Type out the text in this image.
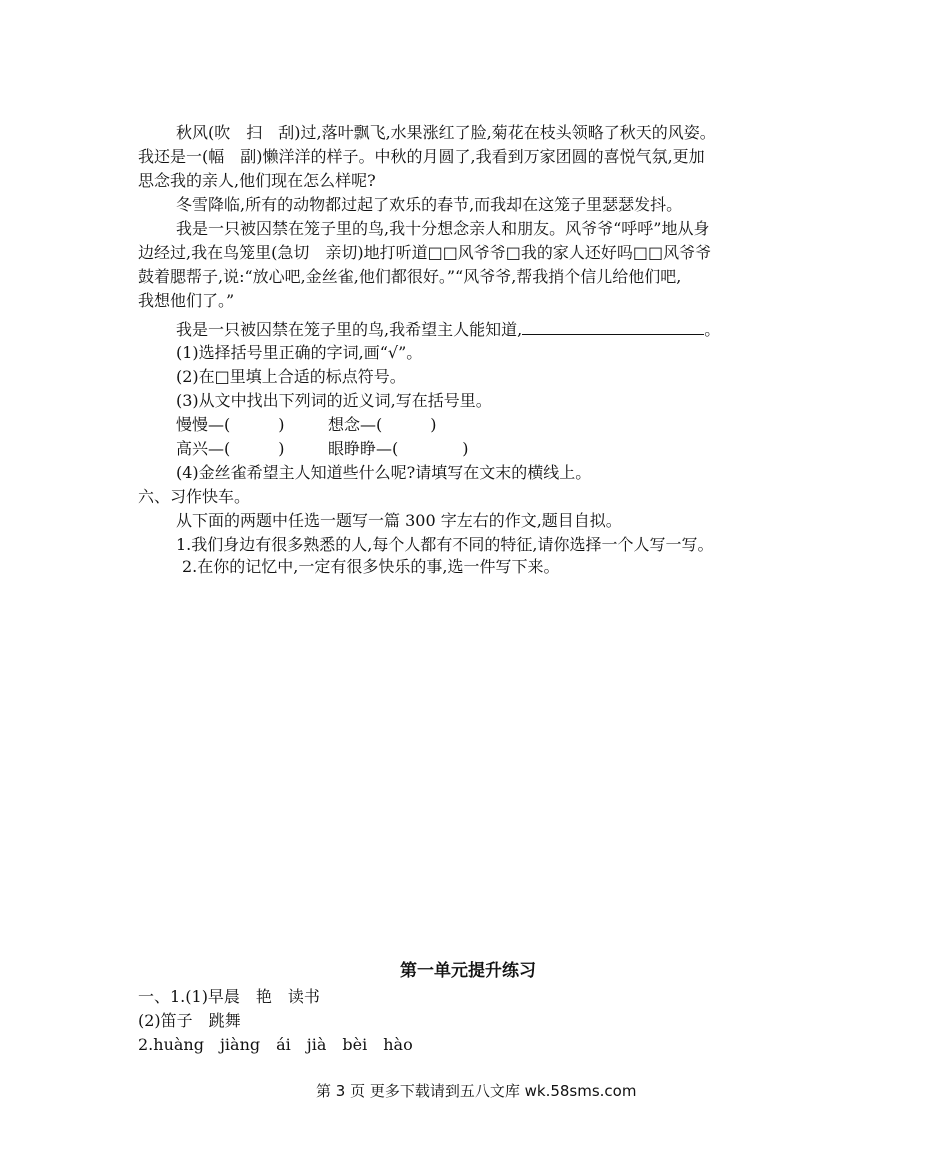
秋风(吹　扫　刮)过,落叶飘飞,水果涨红了脸,菊花在枝头领略了秋天的风姿。
我还是一(幅　副)懒洋洋的样子。中秋的月圆了,我看到万家团圆的喜悦气氛,更加
思念我的亲人,他们现在怎么样呢?
冬雪降临,所有的动物都过起了欢乐的春节,而我却在这笼子里瑟瑟发抖。
我是一只被囚禁在笼子里的鸟,我十分想念亲人和朋友。风爷爷“呼呼”地从身
边经过,我在鸟笼里(急切　亲切)地打听道□□风爷爷□我的家人还好吗□□风爷爷
鼓着腮帮子,说:“放心吧,金丝雀,他们都很好。”“风爷爷,帮我捎个信儿给他们吧,
我想他们了。”
我是一只被囚禁在笼子里的鸟,我希望主人能知道,	。
(1)选择括号里正确的字词,画“√”。
(2)在□里填上合适的标点符号。
(3)从文中找出下列词的近义词,写在括号里。
慢慢—(　　　)	想念—(　　　)
高兴—(　　　)	眼睁睁—(　　　　)
(4)金丝雀希望主人知道些什么呢?请填写在文末的横线上。
六、习作快车。
从下面的两题中任选一题写一篇 300 字左右的作文,题目自拟。
1.我们身边有很多熟悉的人,每个人都有不同的特征,请你选择一个人写一写。
2.在你的记忆中,一定有很多快乐的事,选一件写下来。
第一单元提升练习
一、1.(1)早晨　艳　读书
(2)笛子　跳舞
2.huàng　jiàng　ái　jià　bèi　hào
第 3 页 更多下载请到五八文库 wk.58sms.com
